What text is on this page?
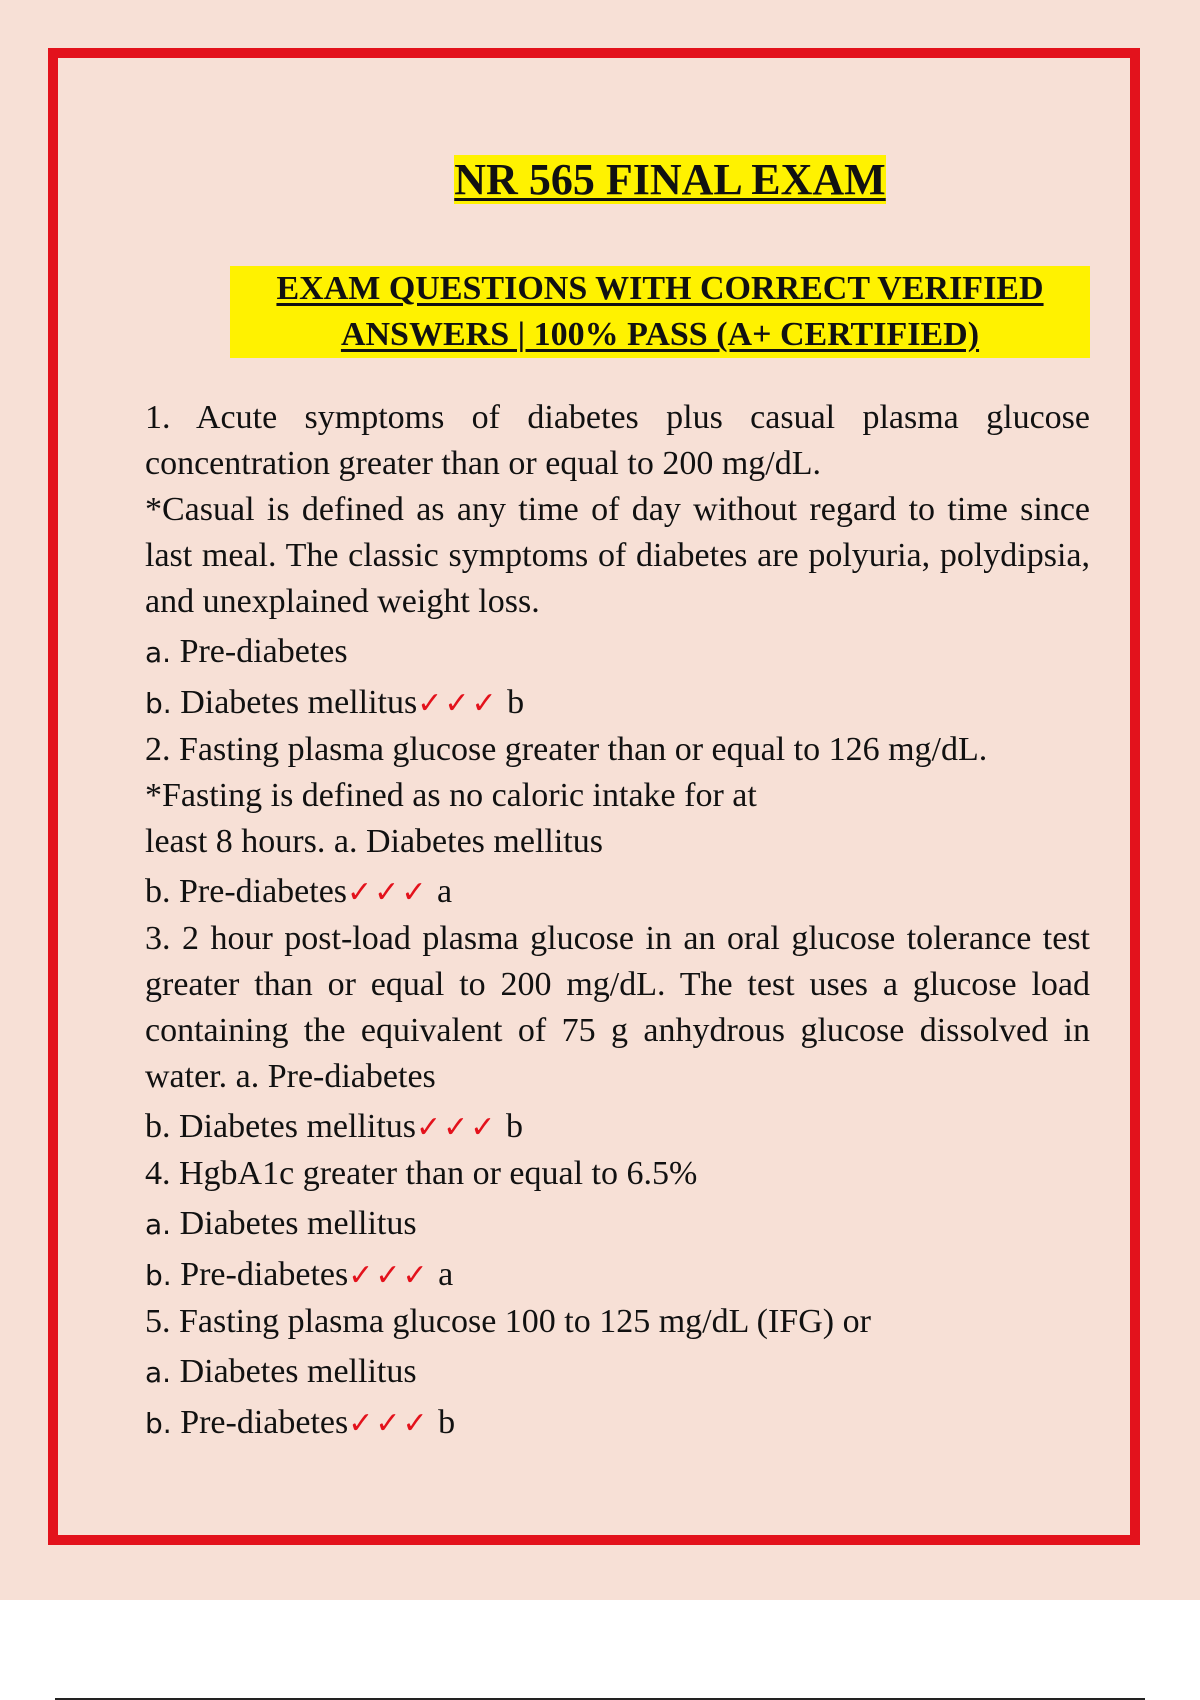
NR 565 FINAL EXAM
EXAM QUESTIONS WITH CORRECT VERIFIED
ANSWERS | 100% PASS (A+ CERTIFIED)

1. Acute symptoms of diabetes plus casual plasma glucose concentration greater than or equal to 200 mg/dL.

*Casual is defined as any time of day without regard to time since last meal. The classic symptoms of diabetes are polyuria, polydipsia, and unexplained weight loss.

a. Pre-diabetes
b. Diabetes mellitus✓✓✓ b

2. Fasting plasma glucose greater than or equal to 126 mg/dL.

*Fasting is defined as no caloric intake for at

least 8 hours. a. Diabetes mellitus

b. Pre-diabetes✓✓✓ a

3. 2 hour post-load plasma glucose in an oral glucose tolerance test greater than or equal to 200 mg/dL. The test uses a glucose load containing the equivalent of 75 g anhydrous glucose dissolved in water. a. Pre-diabetes

b. Diabetes mellitus✓✓✓ b

4. HgbA1c greater than or equal to 6.5%

a. Diabetes mellitus
b. Pre-diabetes✓✓✓ a

5. Fasting plasma glucose 100 to 125 mg/dL (IFG) or

a. Diabetes mellitus
b. Pre-diabetes✓✓✓ b
